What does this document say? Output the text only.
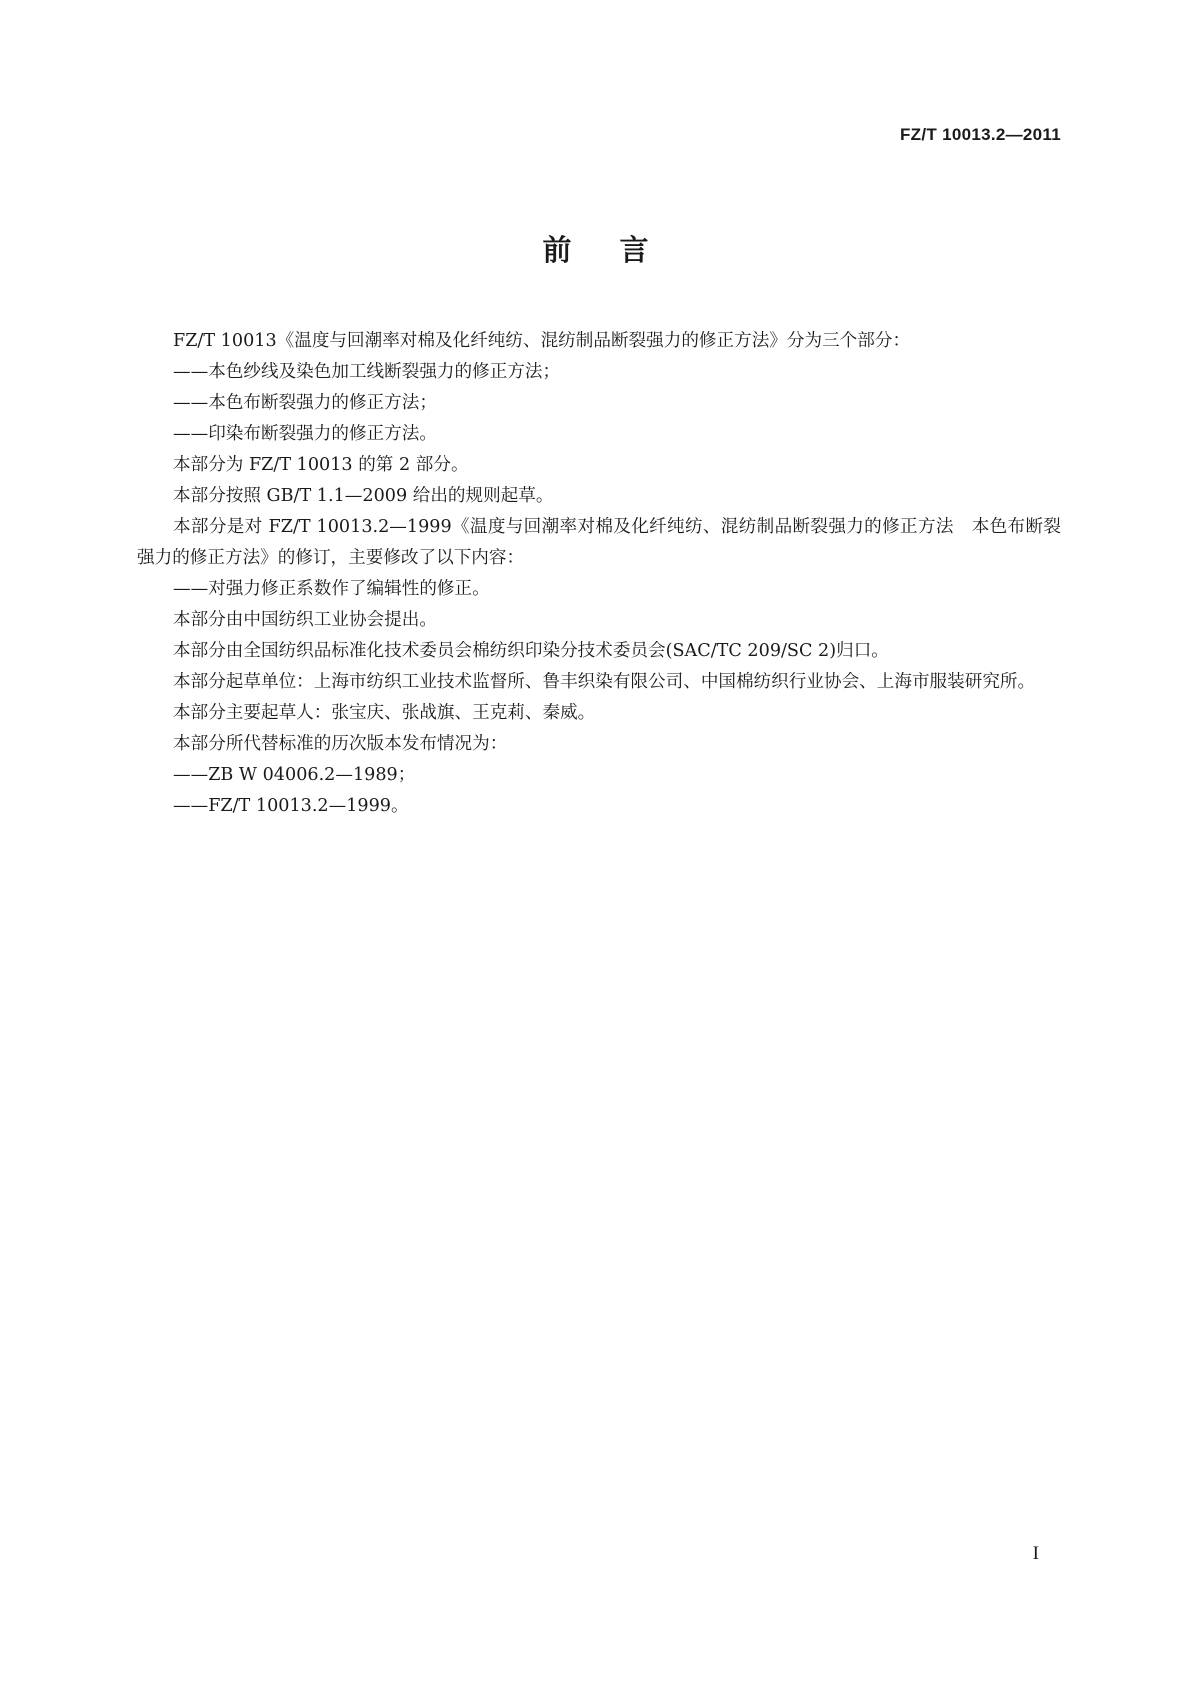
FZ/T 10013.2—2011
前言

FZ/T 10013《温度与回潮率对棉及化纤纯纺、混纺制品断裂强力的修正方法》分为三个部分：

——本色纱线及染色加工线断裂强力的修正方法；

——本色布断裂强力的修正方法；

——印染布断裂强力的修正方法。

本部分为 FZ/T 10013 的第 2 部分。

本部分按照 GB/T 1.1—2009 给出的规则起草。

本部分是对 FZ/T 10013.2—1999《温度与回潮率对棉及化纤纯纺、混纺制品断裂强力的修正方法　本色布断裂强力的修正方法》的修订，主要修改了以下内容：

——对强力修正系数作了编辑性的修正。

本部分由中国纺织工业协会提出。

本部分由全国纺织品标准化技术委员会棉纺织印染分技术委员会(SAC/TC 209/SC 2)归口。

本部分起草单位：上海市纺织工业技术监督所、鲁丰织染有限公司、中国棉纺织行业协会、上海市服装研究所。

本部分主要起草人：张宝庆、张战旗、王克莉、秦威。

本部分所代替标准的历次版本发布情况为：

——ZB W 04006.2—1989；

——FZ/T 10013.2—1999。

I
